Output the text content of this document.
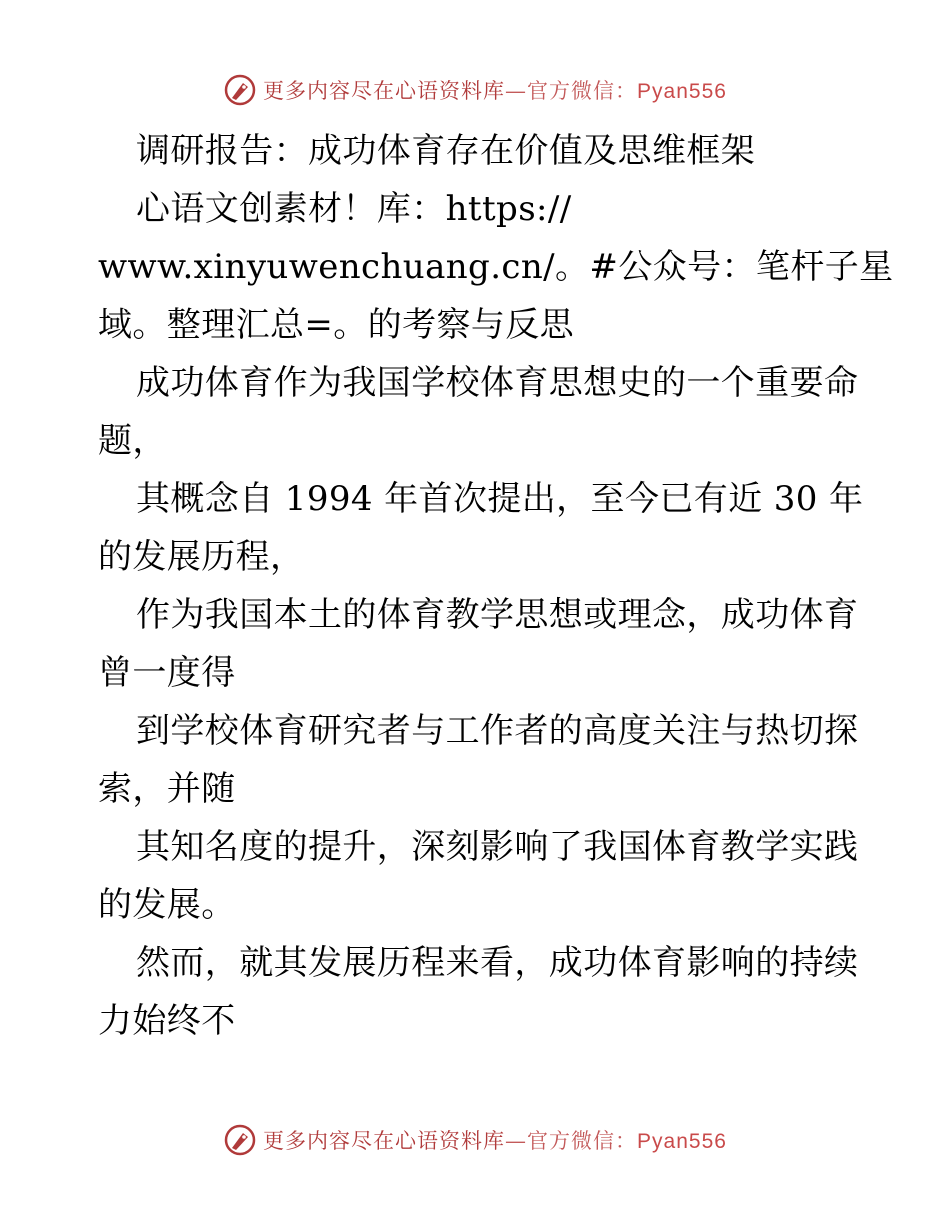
更多内容尽在心语资料库—官方微信：Pyan556
调研报告：成功体育存在价值及思维框架
心语文创素材！库：https://
www.xinyuwenchuang.cn/。#公众号：笔杆子星
域。整理汇总=。的考察与反思
成功体育作为我国学校体育思想史的一个重要命
题，
其概念自 1994 年首次提出，至今已有近 30 年
的发展历程，
作为我国本土的体育教学思想或理念，成功体育
曾一度得
到学校体育研究者与工作者的高度关注与热切探
索，并随
其知名度的提升，深刻影响了我国体育教学实践
的发展。
然而，就其发展历程来看，成功体育影响的持续
力始终不
更多内容尽在心语资料库—官方微信：Pyan556
